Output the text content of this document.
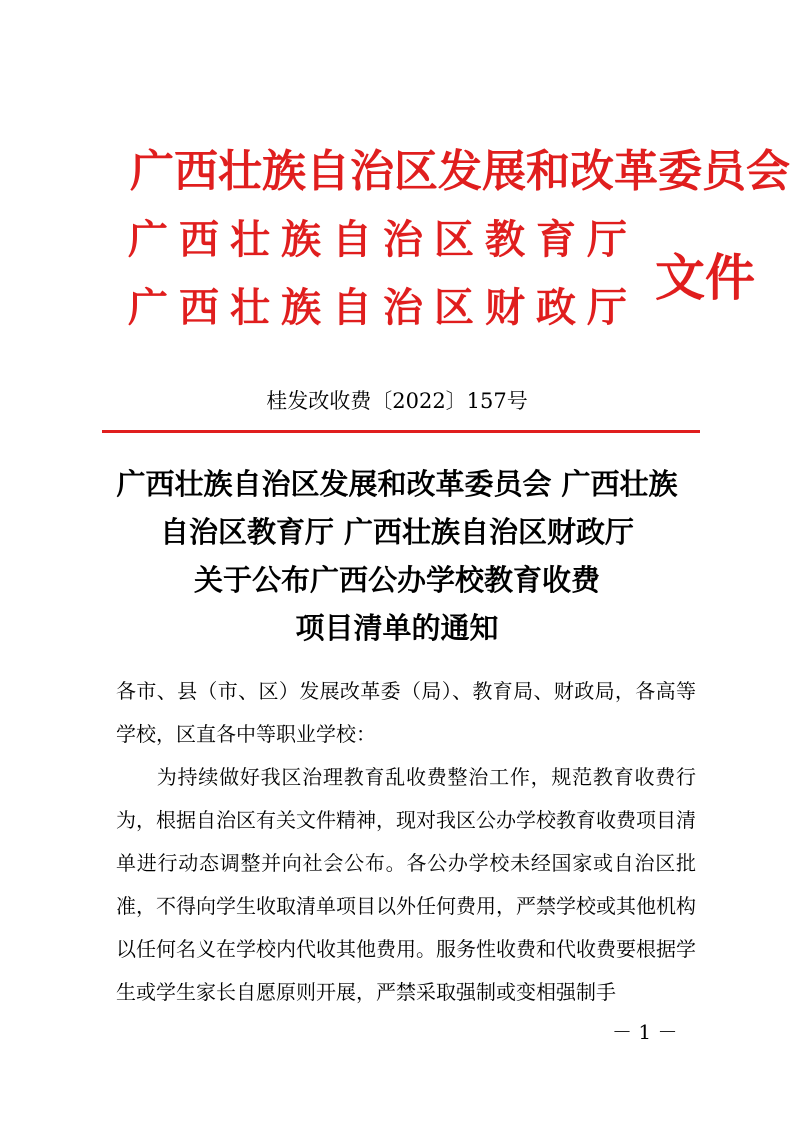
广西壮族自治区发展和改革委员会
广西壮族自治区教育厅
广西壮族自治区财政厅
文件
桂发改收费〔2022〕157号
广西壮族自治区发展和改革委员会 广西壮族
自治区教育厅 广西壮族自治区财政厅
关于公布广西公办学校教育收费
项目清单的通知
各市、县（市、区）发展改革委（局）、教育局、财政局，各高等学校，区直各中等职业学校：
为持续做好我区治理教育乱收费整治工作，规范教育收费行为，根据自治区有关文件精神，现对我区公办学校教育收费项目清单进行动态调整并向社会公布。各公办学校未经国家或自治区批准，不得向学生收取清单项目以外任何费用，严禁学校或其他机构以任何名义在学校内代收其他费用。服务性收费和代收费要根据学生或学生家长自愿原则开展，严禁采取强制或变相强制手
－ 1 －
